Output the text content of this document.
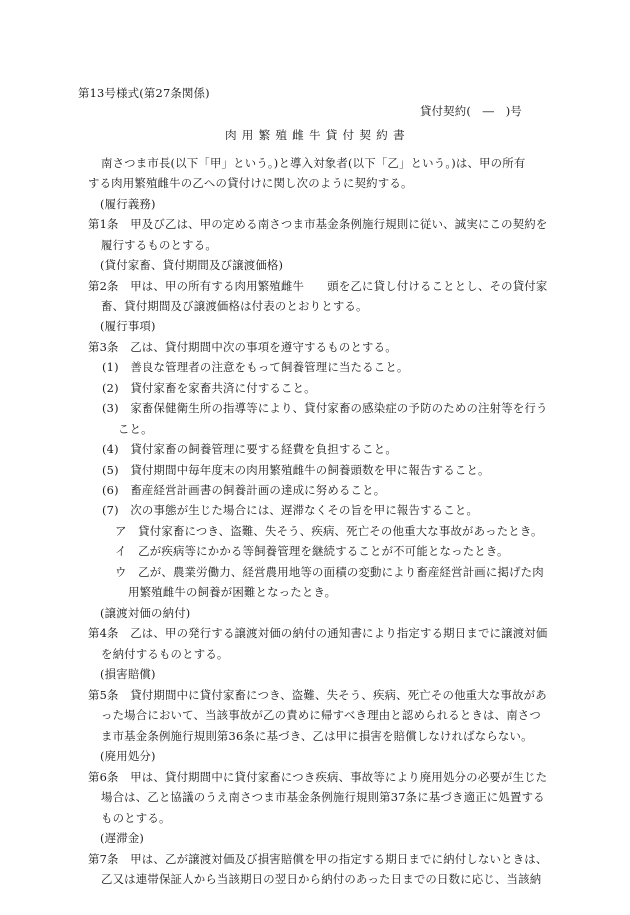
第13号様式(第27条関係)
貸付契約(　―　)号
肉用繁殖雌牛貸付契約書
南さつま市長(以下「甲」という。)と導入対象者(以下「乙」という。)は、甲の所有
する肉用繁殖雌牛の乙への貸付けに関し次のように契約する。
(履行義務)
第1条　甲及び乙は、甲の定める南さつま市基金条例施行規則に従い、誠実にこの契約を
履行するものとする。
(貸付家畜、貸付期間及び譲渡価格)
第2条　甲は、甲の所有する肉用繁殖雌牛　　頭を乙に貸し付けることとし、その貸付家
畜、貸付期間及び譲渡価格は付表のとおりとする。
(履行事項)
第3条　乙は、貸付期間中次の事項を遵守するものとする。
(1)　善良な管理者の注意をもって飼養管理に当たること。
(2)　貸付家畜を家畜共済に付すること。
(3)　家畜保健衛生所の指導等により、貸付家畜の感染症の予防のための注射等を行う
こと。
(4)　貸付家畜の飼養管理に要する経費を負担すること。
(5)　貸付期間中毎年度末の肉用繁殖雌牛の飼養頭数を甲に報告すること。
(6)　畜産経営計画書の飼養計画の達成に努めること。
(7)　次の事態が生じた場合には、遅滞なくその旨を甲に報告すること。
ア　貸付家畜につき、盗難、失そう、疾病、死亡その他重大な事故があったとき。
イ　乙が疾病等にかかる等飼養管理を継続することが不可能となったとき。
ウ　乙が、農業労働力、経営農用地等の面積の変動により畜産経営計画に掲げた肉
用繁殖雌牛の飼養が困難となったとき。
(譲渡対価の納付)
第4条　乙は、甲の発行する譲渡対価の納付の通知書により指定する期日までに譲渡対価
を納付するものとする。
(損害賠償)
第5条　貸付期間中に貸付家畜につき、盗難、失そう、疾病、死亡その他重大な事故があ
った場合において、当該事故が乙の責めに帰すべき理由と認められるときは、南さつ
ま市基金条例施行規則第36条に基づき、乙は甲に損害を賠償しなければならない。
(廃用処分)
第6条　甲は、貸付期間中に貸付家畜につき疾病、事故等により廃用処分の必要が生じた
場合は、乙と協議のうえ南さつま市基金条例施行規則第37条に基づき適正に処置する
ものとする。
(遅滞金)
第7条　甲は、乙が譲渡対価及び損害賠償を甲の指定する期日までに納付しないときは、
乙又は連帯保証人から当該期日の翌日から納付のあった日までの日数に応じ、当該納
